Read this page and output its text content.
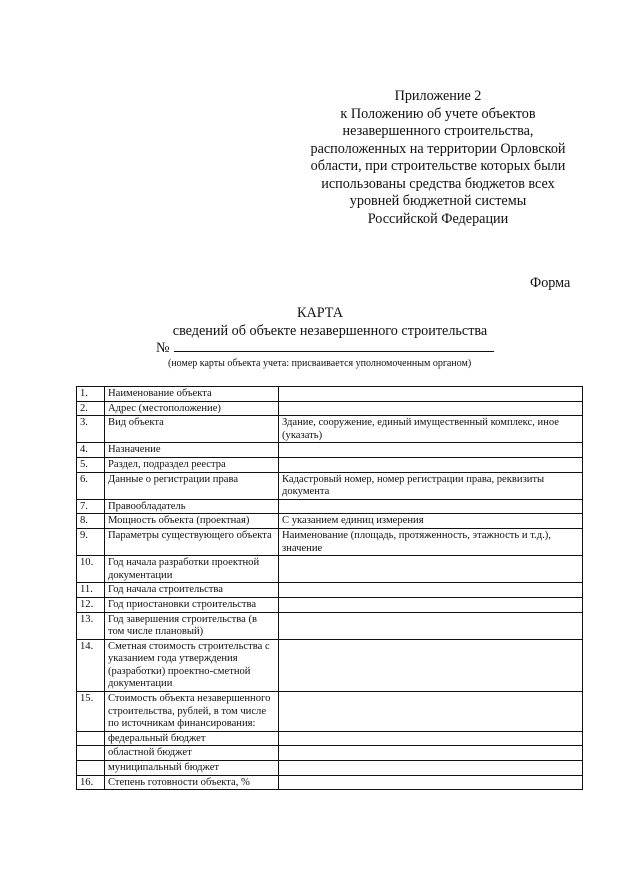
Приложение 2
к Положению об учете объектов
незавершенного строительства,
расположенных на территории Орловской
области, при строительстве которых были
использованы средства бюджетов всех
уровней бюджетной системы
Российской Федерации
Форма
КАРТА
сведений об объекте незавершенного строительства
№
(номер карты объекта учета: присваивается уполномоченным органом)
1.	Наименование объекта	
2.	Адрес (местоположение)	
3.	Вид объекта	Здание, сооружение, единый имущественный комплекс, иное (указать)
4.	Назначение	
5.	Раздел, подраздел реестра	
6.	Данные о регистрации права	Кадастровый номер, номер регистрации права, реквизиты документа
7.	Правообладатель	
8.	Мощность объекта (проектная)	С указанием единиц измерения
9.	Параметры существующего объекта	Наименование (площадь, протяженность, этажность и т.д.), значение
10.	Год начала разработки проектной документации	
11.	Год начала строительства	
12.	Год приостановки строительства	
13.	Год завершения строительства (в том числе плановый)	
14.	Сметная стоимость строительства с указанием года утверждения (разработки) проектно-сметной документации	
15.	Стоимость объекта незавершенного строительства, рублей, в том числе по источникам финансирования:	
	федеральный бюджет	
	областной бюджет	
	муниципальный бюджет	
16.	Степень готовности объекта, %	
